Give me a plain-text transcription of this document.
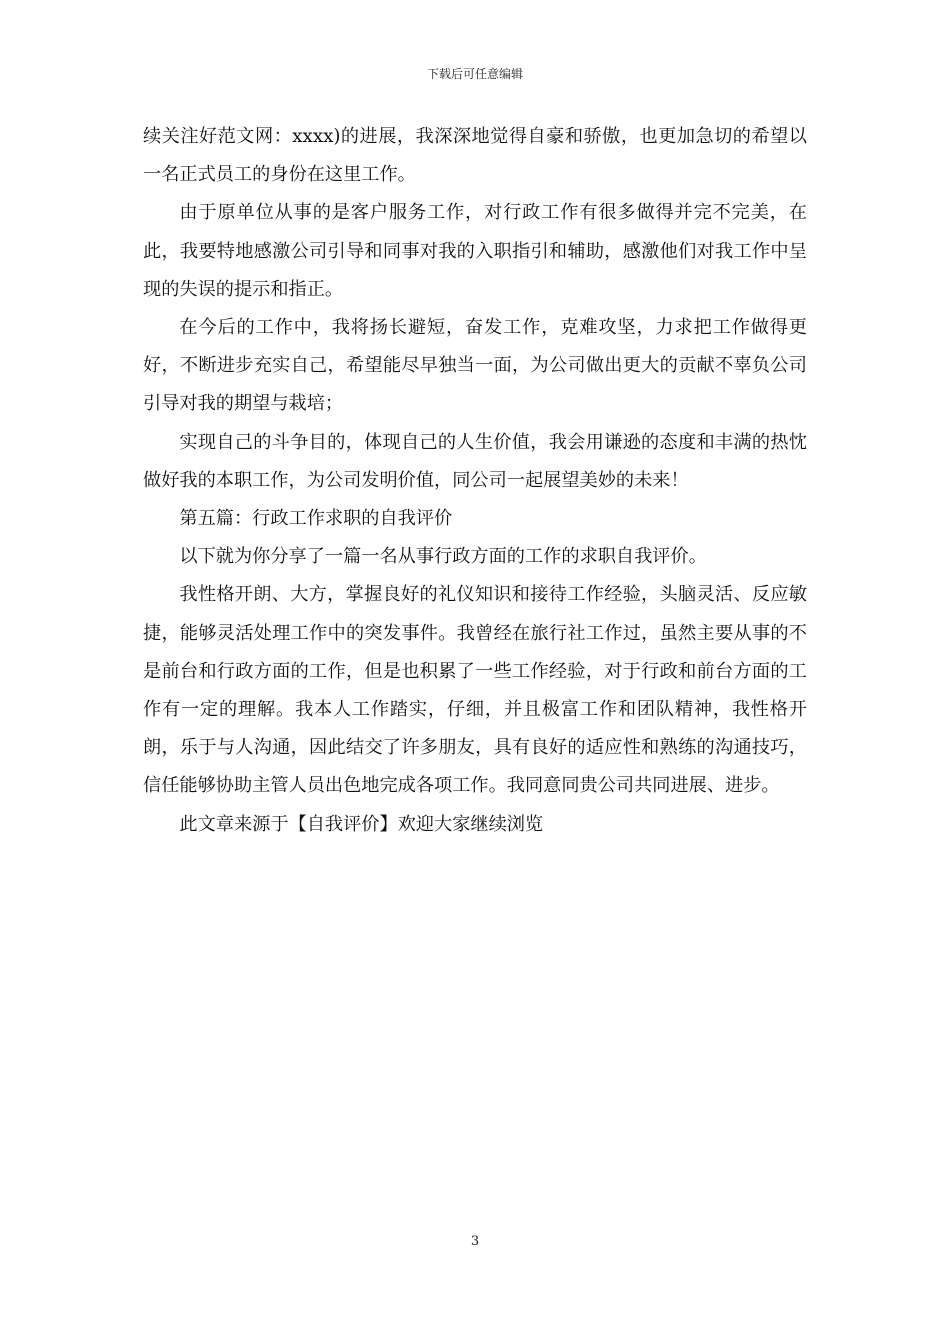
下载后可任意编辑

续关注好范文网：xxxx)的进展，我深深地觉得自豪和骄傲，也更加急切的希望以一名正式员工的身份在这里工作。

由于原单位从事的是客户服务工作，对行政工作有很多做得并完不完美，在此，我要特地感激公司引导和同事对我的入职指引和辅助，感激他们对我工作中呈现的失误的提示和指正。

在今后的工作中，我将扬长避短，奋发工作，克难攻坚，力求把工作做得更好，不断进步充实自己，希望能尽早独当一面，为公司做出更大的贡献不辜负公司引导对我的期望与栽培；

实现自己的斗争目的，体现自己的人生价值，我会用谦逊的态度和丰满的热忱做好我的本职工作，为公司发明价值，同公司一起展望美妙的未来！

第五篇：行政工作求职的自我评价

以下就为你分享了一篇一名从事行政方面的工作的求职自我评价。

我性格开朗、大方，掌握良好的礼仪知识和接待工作经验，头脑灵活、反应敏捷，能够灵活处理工作中的突发事件。我曾经在旅行社工作过，虽然主要从事的不是前台和行政方面的工作，但是也积累了一些工作经验，对于行政和前台方面的工作有一定的理解。我本人工作踏实，仔细，并且极富工作和团队精神，我性格开朗，乐于与人沟通，因此结交了许多朋友，具有良好的适应性和熟练的沟通技巧，信任能够协助主管人员出色地完成各项工作。我同意同贵公司共同进展、进步。

此文章来源于【自我评价】欢迎大家继续浏览

3
